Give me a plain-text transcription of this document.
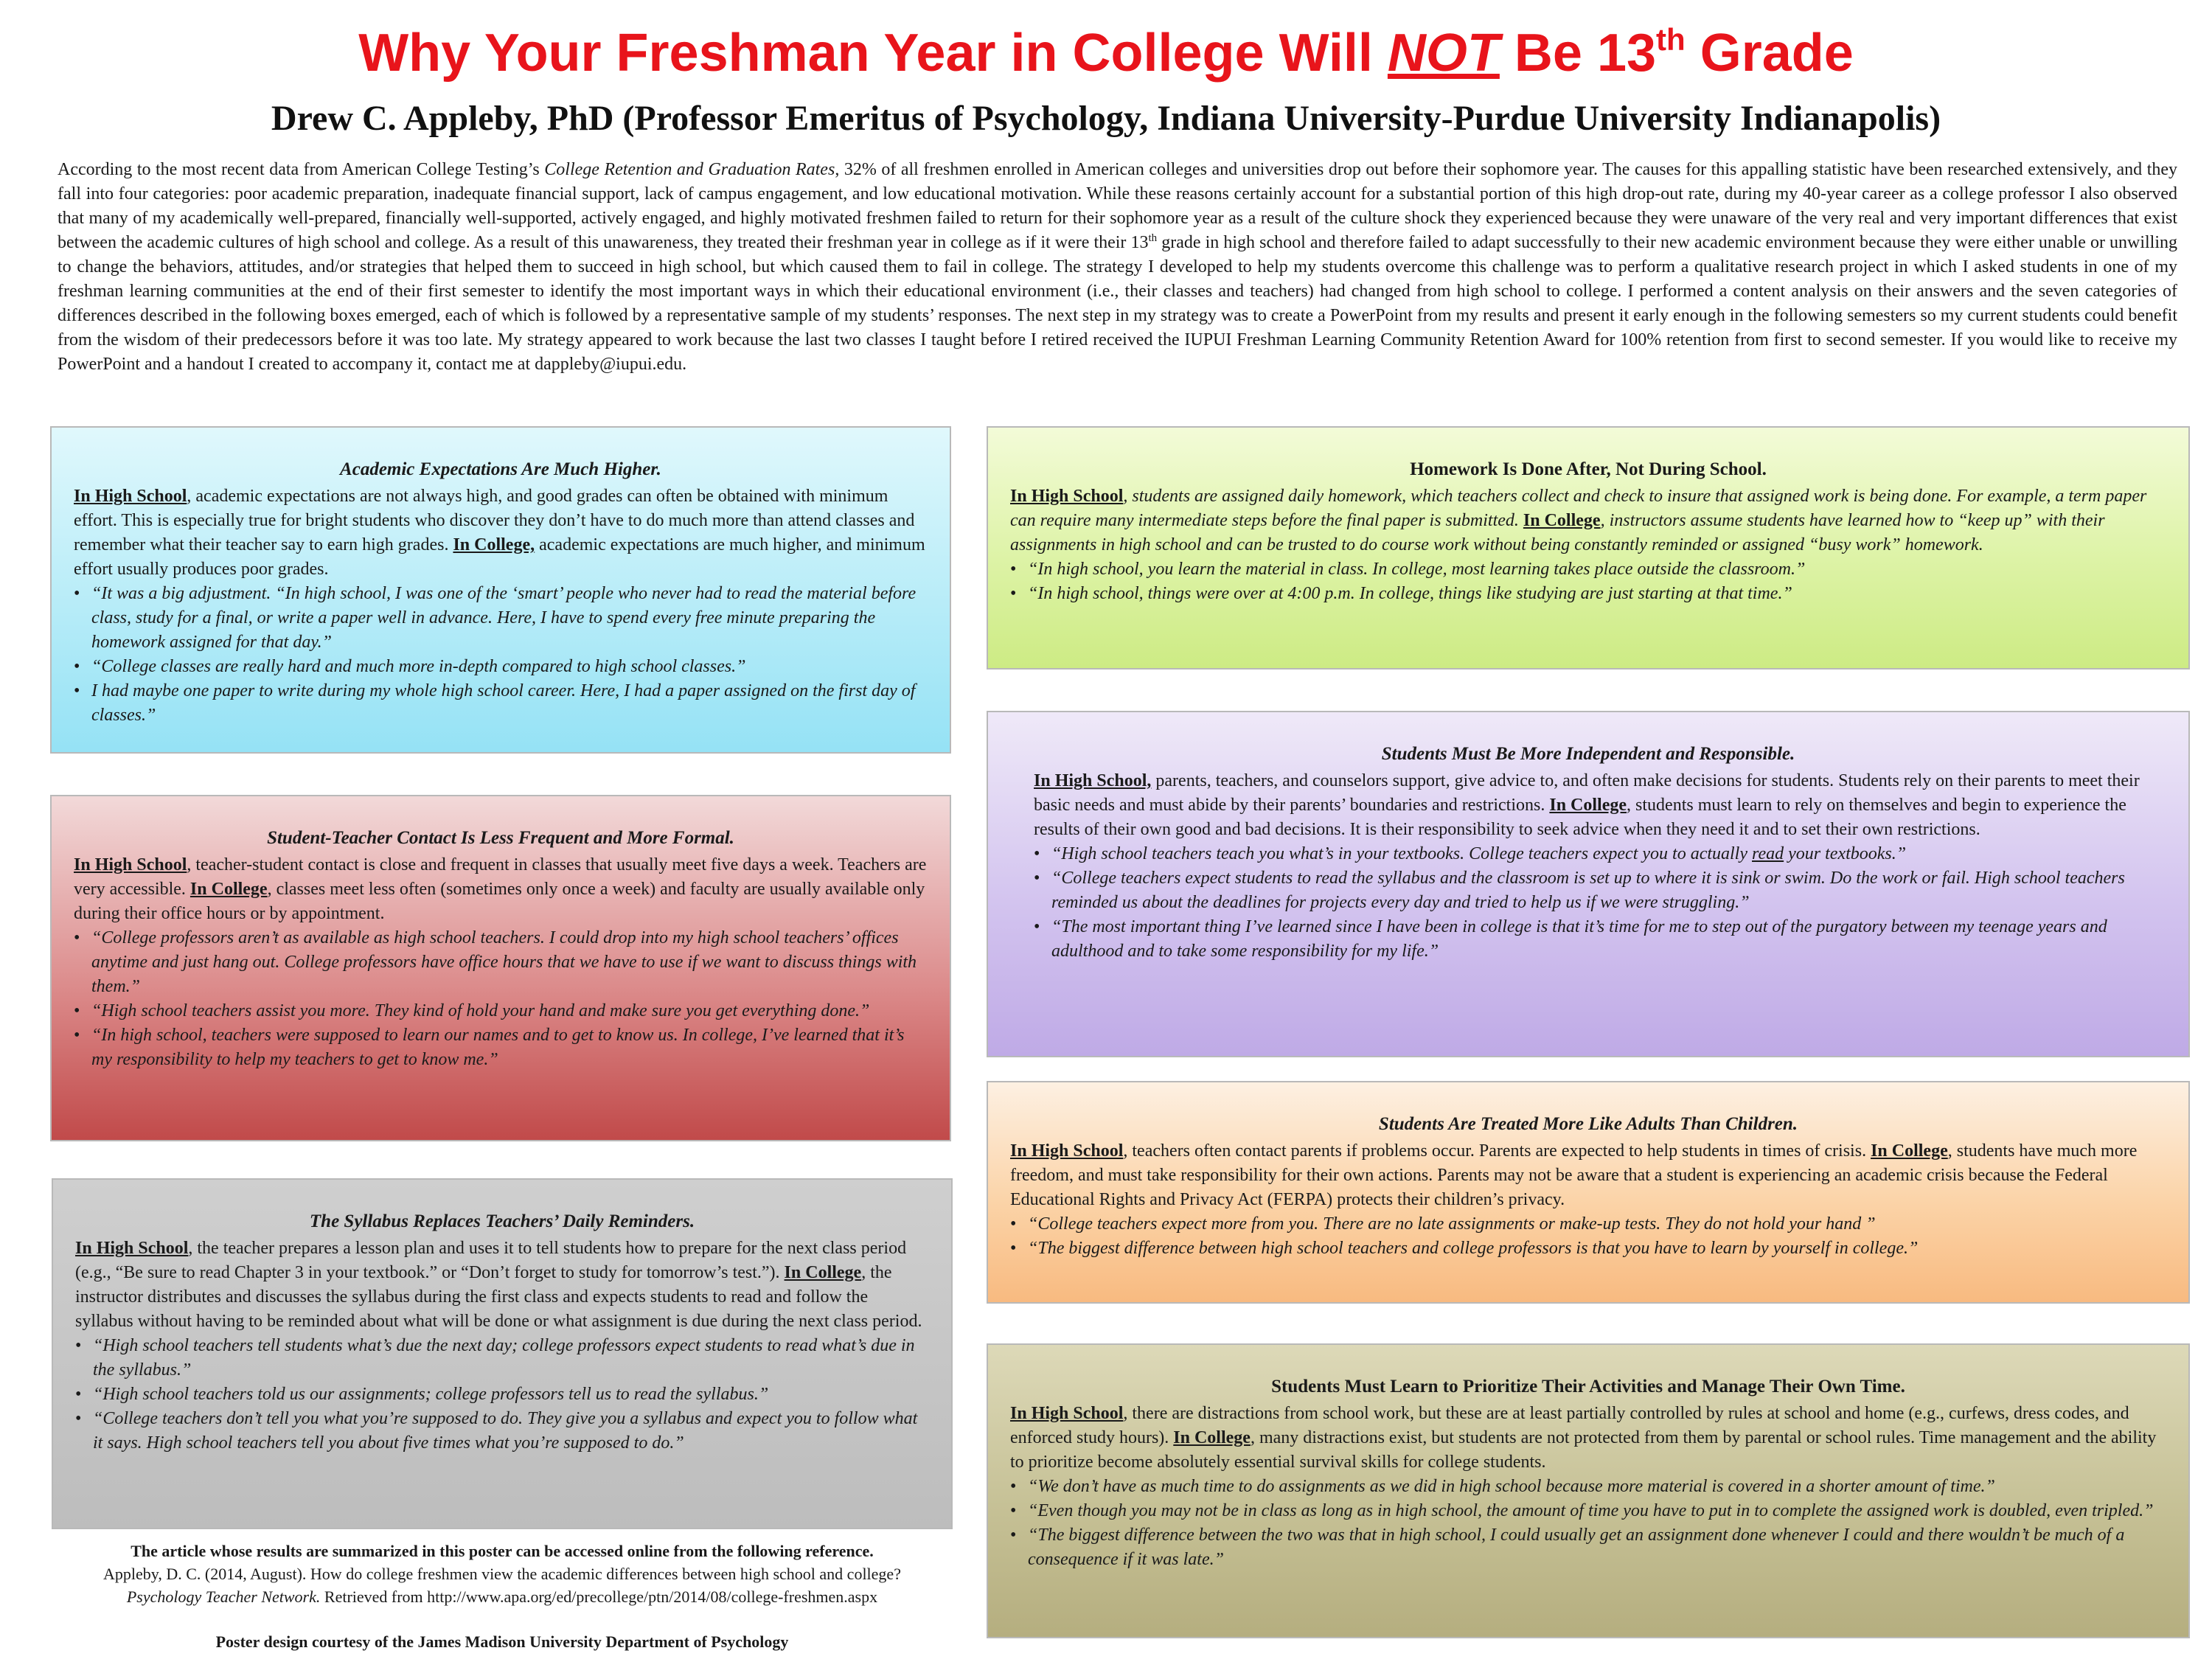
Why Your Freshman Year in College Will NOT Be 13th Grade
Drew C. Appleby, PhD (Professor Emeritus of Psychology, Indiana University-Purdue University Indianapolis)
According to the most recent data from American College Testing’s College Retention and Graduation Rates, 32% of all freshmen enrolled in American colleges and universities drop out before their sophomore year. The causes for this appalling statistic have been researched extensively, and they fall into four categories: poor academic preparation, inadequate financial support, lack of campus engagement, and low educational motivation. While these reasons certainly account for a substantial portion of this high drop-out rate, during my 40-year career as a college professor I also observed that many of my academically well-prepared, financially well-supported, actively engaged, and highly motivated freshmen failed to return for their sophomore year as a result of the culture shock they experienced because they were unaware of the very real and very important differences that exist between the academic cultures of high school and college. As a result of this unawareness, they treated their freshman year in college as if it were their 13th grade in high school and therefore failed to adapt successfully to their new academic environment because they were either unable or unwilling to change the behaviors, attitudes, and/or strategies that helped them to succeed in high school, but which caused them to fail in college. The strategy I developed to help my students overcome this challenge was to perform a qualitative research project in which I asked students in one of my freshman learning communities at the end of their first semester to identify the most important ways in which their educational environment (i.e., their classes and teachers) had changed from high school to college. I performed a content analysis on their answers and the seven categories of differences described in the following boxes emerged, each of which is followed by a representative sample of my students’ responses. The next step in my strategy was to create a PowerPoint from my results and present it early enough in the following semesters so my current students could benefit from the wisdom of their predecessors before it was too late. My strategy appeared to work because the last two classes I taught before I retired received the IUPUI Freshman Learning Community Retention Award for 100% retention from first to second semester. If you would like to receive my PowerPoint and a handout I created to accompany it, contact me at dappleby@iupui.edu.
Academic Expectations Are Much Higher.

In High School, academic expectations are not always high, and good grades can often be obtained with minimum effort. This is especially true for bright students who discover they don’t have to do much more than attend classes and remember what their teacher say to earn high grades. In College, academic expectations are much higher, and minimum effort usually produces poor grades.

• “It was a big adjustment. “In high school, I was one of the ‘smart’ people who never had to read the material before class, study for a final, or write a paper well in advance. Here, I have to spend every free minute preparing the homework assigned for that day.”
• “College classes are really hard and much more in-depth compared to high school classes.”
• I had maybe one paper to write during my whole high school career. Here, I had a paper assigned on the first day of classes.”
Student-Teacher Contact Is Less Frequent and More Formal.

In High School, teacher-student contact is close and frequent in classes that usually meet five days a week. Teachers are very accessible. In College, classes meet less often (sometimes only once a week) and faculty are usually available only during their office hours or by appointment.

• “College professors aren’t as available as high school teachers. I could drop into my high school teachers’ offices anytime and just hang out. College professors have office hours that we have to use if we want to discuss things with them.”
• “High school teachers assist you more. They kind of hold your hand and make sure you get everything done.”
• “In high school, teachers were supposed to learn our names and to get to know us. In college, I’ve learned that it’s my responsibility to help my teachers to get to know me.”
The Syllabus Replaces Teachers’ Daily Reminders.

In High School, the teacher prepares a lesson plan and uses it to tell students how to prepare for the next class period (e.g., “Be sure to read Chapter 3 in your textbook.” or “Don’t forget to study for tomorrow’s test.”). In College, the instructor distributes and discusses the syllabus during the first class and expects students to read and follow the syllabus without having to be reminded about what will be done or what assignment is due during the next class period.

• “High school teachers tell students what’s due the next day; college professors expect students to read what’s due in the syllabus.”
• “High school teachers told us our assignments; college professors tell us to read the syllabus.”
• “College teachers don’t tell you what you’re supposed to do. They give you a syllabus and expect you to follow what it says. High school teachers tell you about five times what you’re supposed to do.”
Homework Is Done After, Not During School.

In High School, students are assigned daily homework, which teachers collect and check to insure that assigned work is being done. For example, a term paper can require many intermediate steps before the final paper is submitted. In College, instructors assume students have learned how to “keep up” with their assignments in high school and can be trusted to do course work without being constantly reminded or assigned “busy work” homework.

• “In high school, you learn the material in class. In college, most learning takes place outside the classroom.”
• “In high school, things were over at 4:00 p.m. In college, things like studying are just starting at that time.”
Students Must Be More Independent and Responsible.

In High School, parents, teachers, and counselors support, give advice to, and often make decisions for students. Students rely on their parents to meet their basic needs and must abide by their parents’ boundaries and restrictions. In College, students must learn to rely on themselves and begin to experience the results of their own good and bad decisions. It is their responsibility to seek advice when they need it and to set their own restrictions.

• “High school teachers teach you what’s in your textbooks. College teachers expect you to actually read your textbooks.”
• “College teachers expect students to read the syllabus and the classroom is set up to where it is sink or swim. Do the work or fail. High school teachers reminded us about the deadlines for projects every day and tried to help us if we were struggling.”
• “The most important thing I’ve learned since I have been in college is that it’s time for me to step out of the purgatory between my teenage years and adulthood and to take some responsibility for my life.”
Students Are Treated More Like Adults Than Children.

In High School, teachers often contact parents if problems occur. Parents are expected to help students in times of crisis. In College, students have much more freedom, and must take responsibility for their own actions. Parents may not be aware that a student is experiencing an academic crisis because the Federal Educational Rights and Privacy Act (FERPA) protects their children’s privacy.

• “College teachers expect more from you. There are no late assignments or make-up tests. They do not hold your hand ”
• “The biggest difference between high school teachers and college professors is that you have to learn by yourself in college.”
Students Must Learn to Prioritize Their Activities and Manage Their Own Time.

In High School, there are distractions from school work, but these are at least partially controlled by rules at school and home (e.g., curfews, dress codes, and enforced study hours). In College, many distractions exist, but students are not protected from them by parental or school rules. Time management and the ability to prioritize become absolutely essential survival skills for college students.

• “We don’t have as much time to do assignments as we did in high school because more material is covered in a shorter amount of time.”
• “Even though you may not be in class as long as in high school, the amount of time you have to put in to complete the assigned work is doubled, even tripled.”
• “The biggest difference between the two was that in high school, I could usually get an assignment done whenever I could and there wouldn’t be much of a consequence if it was late.”
The article whose results are summarized in this poster can be accessed online from the following reference.
Appleby, D. C. (2014, August). How do college freshmen view the academic differences between high school and college?
Psychology Teacher Network. Retrieved from http://www.apa.org/ed/precollege/ptn/2014/08/college-freshmen.aspx
Poster design courtesy of the James Madison University Department of Psychology
